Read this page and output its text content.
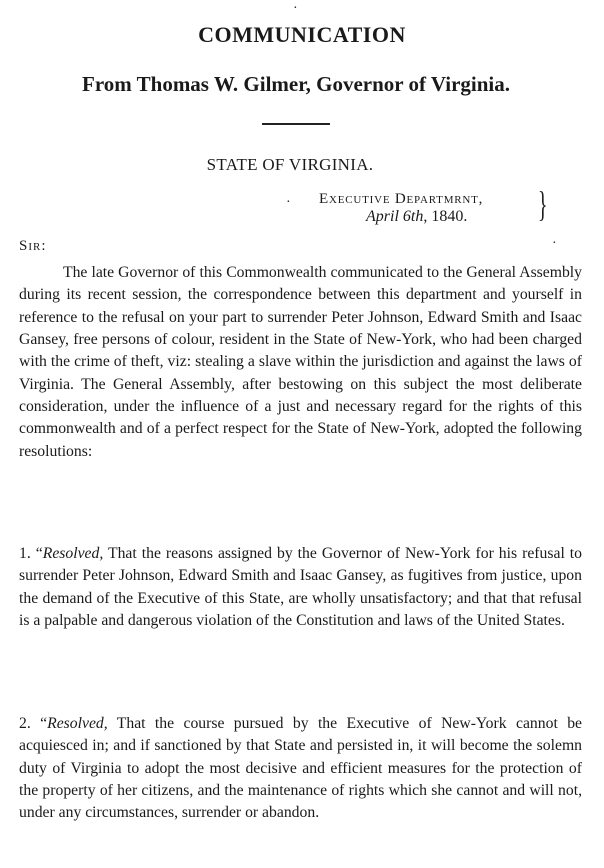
·
COMMUNICATION
From Thomas W. Gilmer, Governor of Virginia.
STATE OF VIRGINIA.
· Executive Departmrnt,
April 6th, 1840. }
Sir:	·

The late Governor of this Commonwealth communicated to the General Assembly during its recent session, the correspondence between this department and yourself in reference to the refusal on your part to surrender Peter Johnson, Edward Smith and Isaac Gansey, free persons of colour, resident in the State of New-York, who had been charged with the crime of theft, viz: stealing a slave within the jurisdiction and against the laws of Virginia. The General Assembly, after bestowing on this subject the most deliberate consideration, under the influence of a just and necessary regard for the rights of this commonwealth and of a perfect respect for the State of New-York, adopted the following resolutions:

1. “Resolved, That the reasons assigned by the Governor of New-York for his refusal to surrender Peter Johnson, Edward Smith and Isaac Gansey, as fugitives from justice, upon the demand of the Executive of this State, are wholly unsatisfactory; and that that refusal is a palpable and dangerous violation of the Constitution and laws of the United States.

2. “Resolved, That the course pursued by the Executive of New-York cannot be acquiesced in; and if sanctioned by that State and persisted in, it will become the solemn duty of Virginia to adopt the most decisive and efficient measures for the protection of the property of her citizens, and the maintenance of rights which she cannot and will not, under any circumstances, surrender or abandon.
